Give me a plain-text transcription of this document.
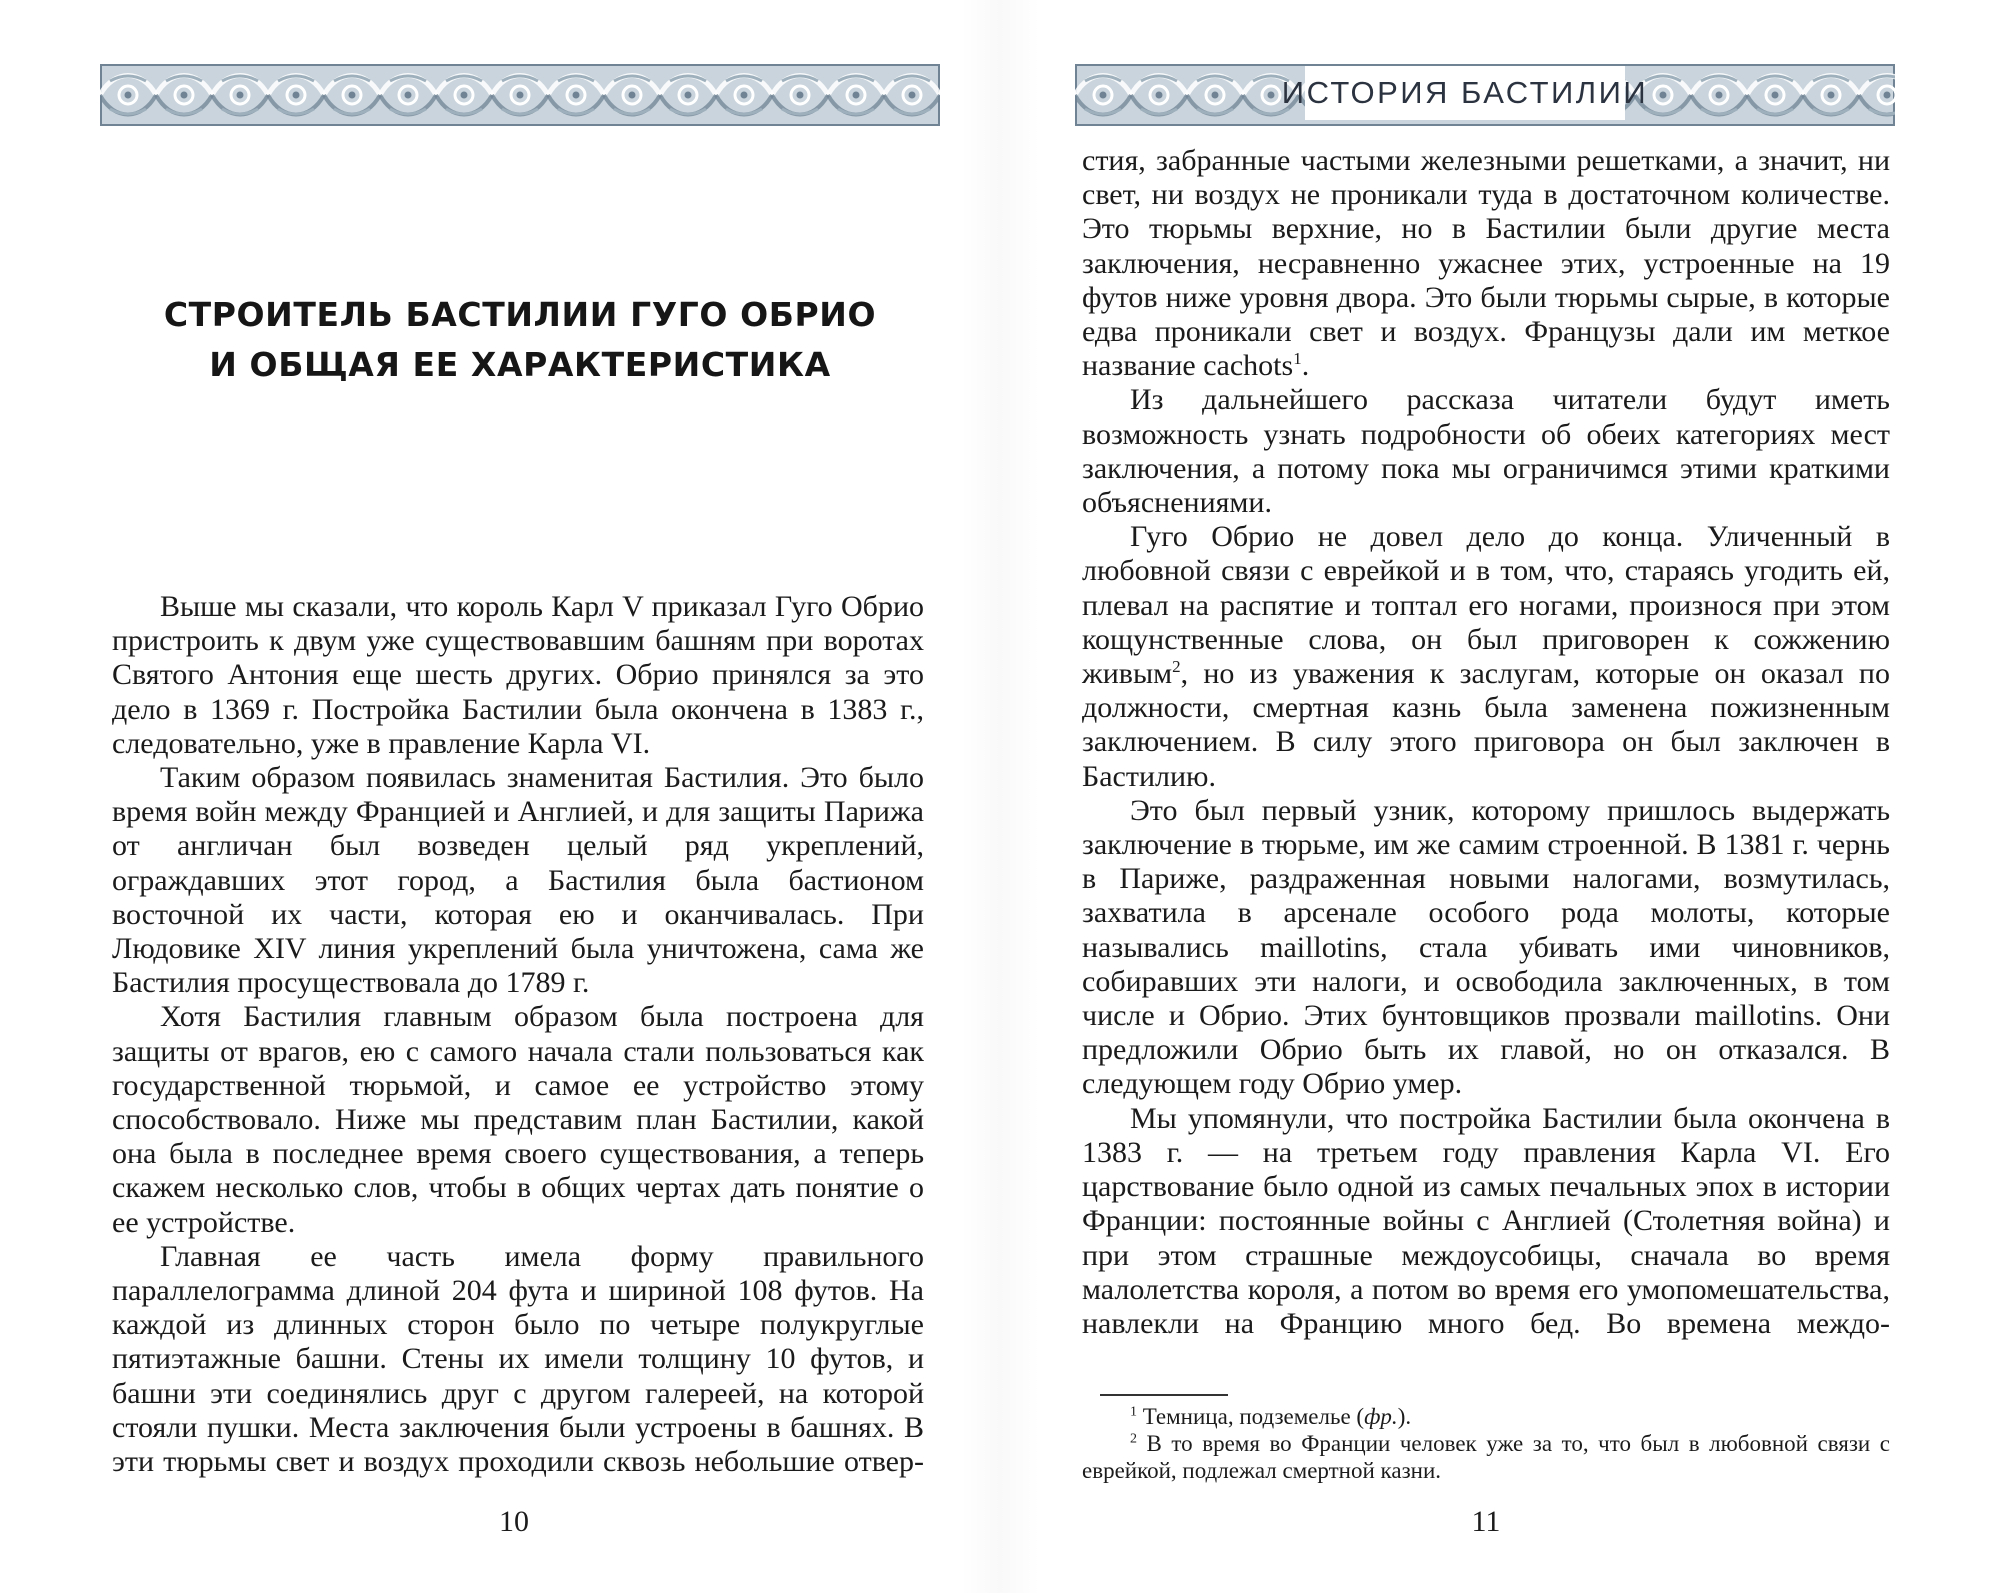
СТРОИТЕЛЬ БАСТИЛИИ ГУГО ОБРИО
И ОБЩАЯ ЕЕ ХАРАКТЕРИСТИКА

Выше мы сказали, что король Карл V приказал Гуго Обрио пристроить к двум уже существовавшим башням при воротах Святого Антония еще шесть других. Обрио принялся за это дело в 1369 г. Постройка Бастилии была окончена в 1383 г., следовательно, уже в правление Карла VI.

Таким образом появилась знаменитая Бастилия. Это было время войн между Францией и Англией, и для защиты Парижа от англичан был возведен целый ряд укреплений, ограждавших этот город, а Бастилия была бастионом восточной их части, которая ею и оканчивалась. При Людовике XIV линия укреплений была уничтожена, сама же Бастилия просуществовала до 1789 г.

Хотя Бастилия главным образом была построена для защиты от врагов, ею с самого начала стали пользоваться как государственной тюрьмой, и самое ее устройство этому способствовало. Ниже мы представим план Бастилии, какой она была в последнее время своего существования, а теперь скажем несколько слов, чтобы в общих чертах дать понятие о ее устройстве.

Главная ее часть имела форму правильного параллелограмма длиной 204 фута и шириной 108 футов. На каждой из длинных сторон было по четыре полукруглые пятиэтажные башни. Стены их имели толщину 10 футов, и башни эти соединялись друг с другом галереей, на которой стояли пушки. Места заключения были устроены в башнях. В эти тюрьмы свет и воздух проходили сквозь небольшие отвер-

10
ИСТОРИЯ БАСТИЛИИ

стия, забранные частыми железными решетками, а значит, ни свет, ни воздух не проникали туда в достаточном количестве. Это тюрьмы верхние, но в Бастилии были другие места заключения, несравненно ужаснее этих, устроенные на 19 футов ниже уровня двора. Это были тюрьмы сырые, в которые едва проникали свет и воздух. Французы дали им меткое название cachots$^1$.

Из дальнейшего рассказа читатели будут иметь возможность узнать подробности об обеих категориях мест заключения, а потому пока мы ограничимся этими краткими объяснениями.

Гуго Обрио не довел дело до конца. Уличенный в любовной связи с еврейкой и в том, что, стараясь угодить ей, плевал на распятие и топтал его ногами, произнося при этом кощунственные слова, он был приговорен к сожжению живым$^2$, но из уважения к заслугам, которые он оказал по должности, смертная казнь была заменена пожизненным заключением. В силу этого приговора он был заключен в Бастилию.

Это был первый узник, которому пришлось выдержать заключение в тюрьме, им же самим строенной. В 1381 г. чернь в Париже, раздраженная новыми налогами, возмутилась, захватила в арсенале особого рода молоты, которые назывались maillotins, стала убивать ими чиновников, собиравших эти налоги, и освободила заключенных, в том числе и Обрио. Этих бунтовщиков прозвали maillotins. Они предложили Обрио быть их главой, но он отказался. В следующем году Обрио умер.

Мы упомянули, что постройка Бастилии была окончена в 1383 г. — на третьем году правления Карла VI. Его царствование было одной из самых печальных эпох в истории Франции: постоянные войны с Англией (Столетняя война) и при этом страшные междоусобицы, сначала во время малолетства короля, а потом во время его умопомешательства, навлекли на Францию много бед. Во времена междо-

$^1$ Темница, подземелье (фр.).

$^2$ В то время во Франции человек уже за то, что был в любовной связи с еврейкой, подлежал смертной казни.

11
